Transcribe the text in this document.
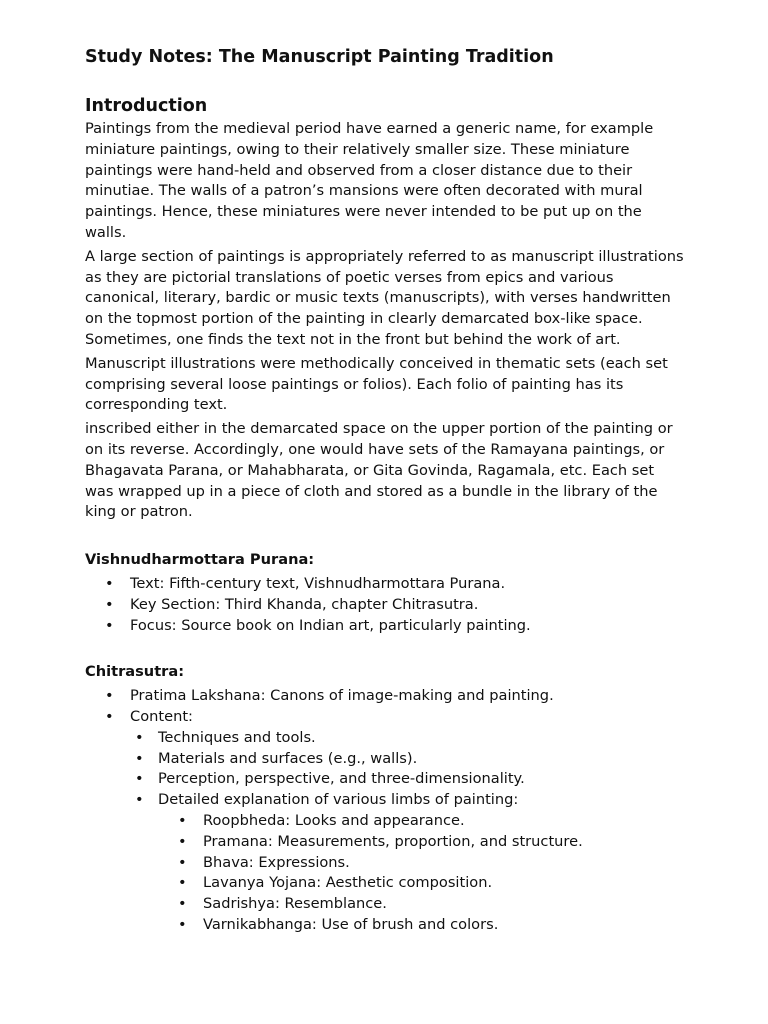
Study Notes: The Manuscript Painting Tradition
Introduction

Paintings from the medieval period have earned a generic name, for example miniature paintings, owing to their relatively smaller size. These miniature paintings were hand-held and observed from a closer distance due to their minutiae. The walls of a patron’s mansions were often decorated with mural paintings. Hence, these miniatures were never intended to be put up on the walls.

A large section of paintings is appropriately referred to as manuscript illustrations as they are pictorial translations of poetic verses from epics and various canonical, literary, bardic or music texts (manuscripts), with verses handwritten on the topmost portion of the painting in clearly demarcated box-like space. Sometimes, one finds the text not in the front but behind the work of art.

Manuscript illustrations were methodically conceived in thematic sets (each set comprising several loose paintings or folios). Each folio of painting has its corresponding text.

inscribed either in the demarcated space on the upper portion of the painting or on its reverse. Accordingly, one would have sets of the Ramayana paintings, or Bhagavata Parana, or Mahabharata, or Gita Govinda, Ragamala, etc. Each set was wrapped up in a piece of cloth and stored as a bundle in the library of the king or patron.

Vishnudharmottara Purana:
• Text: Fifth-century text, Vishnudharmottara Purana.
• Key Section: Third Khanda, chapter Chitrasutra.
• Focus: Source book on Indian art, particularly painting.
Chitrasutra:
• Pratima Lakshana: Canons of image-making and painting.
• Content:
• Techniques and tools.
• Materials and surfaces (e.g., walls).
• Perception, perspective, and three-dimensionality.
• Detailed explanation of various limbs of painting:
• Roopbheda: Looks and appearance.
• Pramana: Measurements, proportion, and structure.
• Bhava: Expressions.
• Lavanya Yojana: Aesthetic composition.
• Sadrishya: Resemblance.
• Varnikabhanga: Use of brush and colors.
